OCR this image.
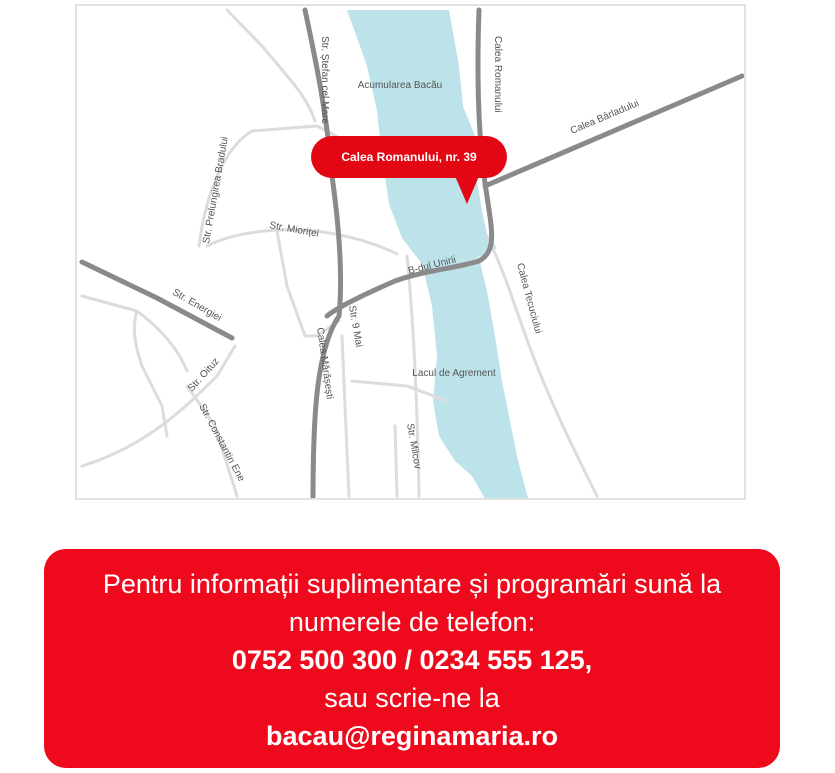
Acumularea Bacău
Lacul de Agrement
Str. Ștefan cel Mare	Calea Romanului
Calea Bârladului
Str. Prelungirea Bradului	Str. Mioriței
B-dul Unirii
Str. Energiei	Calea Tecuciului
Str. 9 Mai
Calea Mărășești
Str. Oituz
Str. Constantin Ene	Str. Milcov
Calea Romanului, nr. 39
Pentru informații suplimentare și programări sună la
numerele de telefon:
0752 500 300 / 0234 555 125,
sau scrie-ne la
bacau@reginamaria.ro
